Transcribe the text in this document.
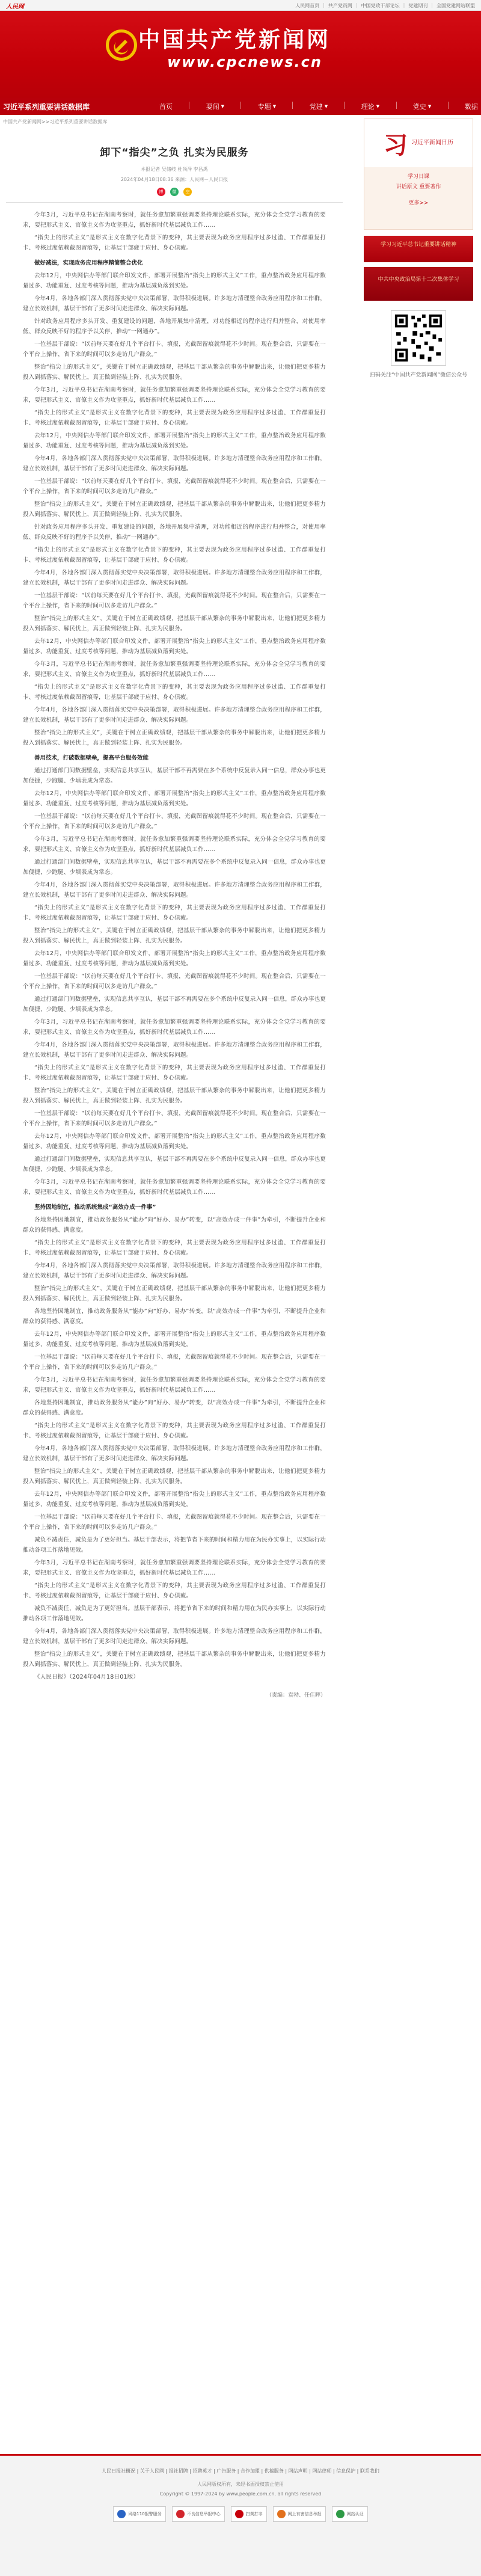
人民网	人民网首页 | 共产党员网 | 中国党政干部论坛 | 党建期刊 | 全国党建网站联盟
中国共产党新闻网
www.cpcnews.cn
习近平系列重要讲话数据库	首页	要闻 ▼	专题 ▼	党建 ▼	理论 ▼	党史 ▼	数据
中国共产党新闻网>>习近平系列重要讲话数据库
卸下“指尖”之负 扎实为民服务
本报记者 吴储岐 杜尚泽 李昌禹
2024年04月18日08:36 来源：人民网－人民日报
博	微	空

今年3月，习近平总书记在湖南考察时，就任务愈加繁重强调要坚持理论联系实际，充分体会全党学习教育的要求，要把形式主义、官僚主义作为攻坚重点，抓好新时代基层减负工作……

“指尖上的形式主义”是形式主义在数字化背景下的变种，其主要表现为政务应用程序过多过滥、工作群重复打卡、考核过度依赖截图留痕等，让基层干部疲于应付、身心俱疲。

做好减法，实现政务应用程序精简整合优化

去年12月，中央网信办等部门联合印发文件，部署开展整治“指尖上的形式主义”工作，重点整治政务应用程序数量过多、功能重复、过度考核等问题，推动为基层减负落到实处。

今年4月，各地各部门深入贯彻落实党中央决策部署，取得积极进展。许多地方清理整合政务应用程序和工作群，建立长效机制，基层干部有了更多时间走进群众、解决实际问题。

针对政务应用程序多头开发、重复建设的问题，各地开展集中清理，对功能相近的程序进行归并整合，对使用率低、群众反映不好的程序予以关停，推动“一网通办”。

一位基层干部说：“以前每天要在好几个平台打卡、填报，光截图留痕就得花不少时间。现在整合后，只需要在一个平台上操作，省下来的时间可以多走访几户群众。”

整治“指尖上的形式主义”，关键在于树立正确政绩观，把基层干部从繁杂的事务中解脱出来，让他们把更多精力投入到抓落实、解民忧上，真正做到轻装上阵、扎实为民服务。

今年3月，习近平总书记在湖南考察时，就任务愈加繁重强调要坚持理论联系实际，充分体会全党学习教育的要求，要把形式主义、官僚主义作为攻坚重点，抓好新时代基层减负工作……

“指尖上的形式主义”是形式主义在数字化背景下的变种，其主要表现为政务应用程序过多过滥、工作群重复打卡、考核过度依赖截图留痕等，让基层干部疲于应付、身心俱疲。

去年12月，中央网信办等部门联合印发文件，部署开展整治“指尖上的形式主义”工作，重点整治政务应用程序数量过多、功能重复、过度考核等问题，推动为基层减负落到实处。

今年4月，各地各部门深入贯彻落实党中央决策部署，取得积极进展。许多地方清理整合政务应用程序和工作群，建立长效机制，基层干部有了更多时间走进群众、解决实际问题。

一位基层干部说：“以前每天要在好几个平台打卡、填报，光截图留痕就得花不少时间。现在整合后，只需要在一个平台上操作，省下来的时间可以多走访几户群众。”

整治“指尖上的形式主义”，关键在于树立正确政绩观，把基层干部从繁杂的事务中解脱出来，让他们把更多精力投入到抓落实、解民忧上，真正做到轻装上阵、扎实为民服务。

针对政务应用程序多头开发、重复建设的问题，各地开展集中清理，对功能相近的程序进行归并整合，对使用率低、群众反映不好的程序予以关停，推动“一网通办”。

“指尖上的形式主义”是形式主义在数字化背景下的变种，其主要表现为政务应用程序过多过滥、工作群重复打卡、考核过度依赖截图留痕等，让基层干部疲于应付、身心俱疲。

今年4月，各地各部门深入贯彻落实党中央决策部署，取得积极进展。许多地方清理整合政务应用程序和工作群，建立长效机制，基层干部有了更多时间走进群众、解决实际问题。

一位基层干部说：“以前每天要在好几个平台打卡、填报，光截图留痕就得花不少时间。现在整合后，只需要在一个平台上操作，省下来的时间可以多走访几户群众。”

整治“指尖上的形式主义”，关键在于树立正确政绩观，把基层干部从繁杂的事务中解脱出来，让他们把更多精力投入到抓落实、解民忧上，真正做到轻装上阵、扎实为民服务。

去年12月，中央网信办等部门联合印发文件，部署开展整治“指尖上的形式主义”工作，重点整治政务应用程序数量过多、功能重复、过度考核等问题，推动为基层减负落到实处。

今年3月，习近平总书记在湖南考察时，就任务愈加繁重强调要坚持理论联系实际，充分体会全党学习教育的要求，要把形式主义、官僚主义作为攻坚重点，抓好新时代基层减负工作……

“指尖上的形式主义”是形式主义在数字化背景下的变种，其主要表现为政务应用程序过多过滥、工作群重复打卡、考核过度依赖截图留痕等，让基层干部疲于应付、身心俱疲。

今年4月，各地各部门深入贯彻落实党中央决策部署，取得积极进展。许多地方清理整合政务应用程序和工作群，建立长效机制，基层干部有了更多时间走进群众、解决实际问题。

整治“指尖上的形式主义”，关键在于树立正确政绩观，把基层干部从繁杂的事务中解脱出来，让他们把更多精力投入到抓落实、解民忧上，真正做到轻装上阵、扎实为民服务。

善用技术，打破数据壁垒，提高平台服务效能

通过打通部门间数据壁垒，实现信息共享互认，基层干部不再需要在多个系统中反复录入同一信息，群众办事也更加便捷，少跑腿、少填表成为常态。

去年12月，中央网信办等部门联合印发文件，部署开展整治“指尖上的形式主义”工作，重点整治政务应用程序数量过多、功能重复、过度考核等问题，推动为基层减负落到实处。

一位基层干部说：“以前每天要在好几个平台打卡、填报，光截图留痕就得花不少时间。现在整合后，只需要在一个平台上操作，省下来的时间可以多走访几户群众。”

今年3月，习近平总书记在湖南考察时，就任务愈加繁重强调要坚持理论联系实际，充分体会全党学习教育的要求，要把形式主义、官僚主义作为攻坚重点，抓好新时代基层减负工作……

通过打通部门间数据壁垒，实现信息共享互认，基层干部不再需要在多个系统中反复录入同一信息，群众办事也更加便捷，少跑腿、少填表成为常态。

今年4月，各地各部门深入贯彻落实党中央决策部署，取得积极进展。许多地方清理整合政务应用程序和工作群，建立长效机制，基层干部有了更多时间走进群众、解决实际问题。

“指尖上的形式主义”是形式主义在数字化背景下的变种，其主要表现为政务应用程序过多过滥、工作群重复打卡、考核过度依赖截图留痕等，让基层干部疲于应付、身心俱疲。

整治“指尖上的形式主义”，关键在于树立正确政绩观，把基层干部从繁杂的事务中解脱出来，让他们把更多精力投入到抓落实、解民忧上，真正做到轻装上阵、扎实为民服务。

去年12月，中央网信办等部门联合印发文件，部署开展整治“指尖上的形式主义”工作，重点整治政务应用程序数量过多、功能重复、过度考核等问题，推动为基层减负落到实处。

一位基层干部说：“以前每天要在好几个平台打卡、填报，光截图留痕就得花不少时间。现在整合后，只需要在一个平台上操作，省下来的时间可以多走访几户群众。”

通过打通部门间数据壁垒，实现信息共享互认，基层干部不再需要在多个系统中反复录入同一信息，群众办事也更加便捷，少跑腿、少填表成为常态。

今年3月，习近平总书记在湖南考察时，就任务愈加繁重强调要坚持理论联系实际，充分体会全党学习教育的要求，要把形式主义、官僚主义作为攻坚重点，抓好新时代基层减负工作……

今年4月，各地各部门深入贯彻落实党中央决策部署，取得积极进展。许多地方清理整合政务应用程序和工作群，建立长效机制，基层干部有了更多时间走进群众、解决实际问题。

“指尖上的形式主义”是形式主义在数字化背景下的变种，其主要表现为政务应用程序过多过滥、工作群重复打卡、考核过度依赖截图留痕等，让基层干部疲于应付、身心俱疲。

整治“指尖上的形式主义”，关键在于树立正确政绩观，把基层干部从繁杂的事务中解脱出来，让他们把更多精力投入到抓落实、解民忧上，真正做到轻装上阵、扎实为民服务。

一位基层干部说：“以前每天要在好几个平台打卡、填报，光截图留痕就得花不少时间。现在整合后，只需要在一个平台上操作，省下来的时间可以多走访几户群众。”

去年12月，中央网信办等部门联合印发文件，部署开展整治“指尖上的形式主义”工作，重点整治政务应用程序数量过多、功能重复、过度考核等问题，推动为基层减负落到实处。

通过打通部门间数据壁垒，实现信息共享互认，基层干部不再需要在多个系统中反复录入同一信息，群众办事也更加便捷，少跑腿、少填表成为常态。

今年3月，习近平总书记在湖南考察时，就任务愈加繁重强调要坚持理论联系实际，充分体会全党学习教育的要求，要把形式主义、官僚主义作为攻坚重点，抓好新时代基层减负工作……

坚持因地制宜，推动系统集成“高效办成一件事”

各地坚持因地制宜，推动政务服务从“能办”向“好办、易办”转变，以“高效办成一件事”为牵引，不断提升企业和群众的获得感、满意度。

“指尖上的形式主义”是形式主义在数字化背景下的变种，其主要表现为政务应用程序过多过滥、工作群重复打卡、考核过度依赖截图留痕等，让基层干部疲于应付、身心俱疲。

今年4月，各地各部门深入贯彻落实党中央决策部署，取得积极进展。许多地方清理整合政务应用程序和工作群，建立长效机制，基层干部有了更多时间走进群众、解决实际问题。

整治“指尖上的形式主义”，关键在于树立正确政绩观，把基层干部从繁杂的事务中解脱出来，让他们把更多精力投入到抓落实、解民忧上，真正做到轻装上阵、扎实为民服务。

各地坚持因地制宜，推动政务服务从“能办”向“好办、易办”转变，以“高效办成一件事”为牵引，不断提升企业和群众的获得感、满意度。

去年12月，中央网信办等部门联合印发文件，部署开展整治“指尖上的形式主义”工作，重点整治政务应用程序数量过多、功能重复、过度考核等问题，推动为基层减负落到实处。

一位基层干部说：“以前每天要在好几个平台打卡、填报，光截图留痕就得花不少时间。现在整合后，只需要在一个平台上操作，省下来的时间可以多走访几户群众。”

今年3月，习近平总书记在湖南考察时，就任务愈加繁重强调要坚持理论联系实际，充分体会全党学习教育的要求，要把形式主义、官僚主义作为攻坚重点，抓好新时代基层减负工作……

各地坚持因地制宜，推动政务服务从“能办”向“好办、易办”转变，以“高效办成一件事”为牵引，不断提升企业和群众的获得感、满意度。

“指尖上的形式主义”是形式主义在数字化背景下的变种，其主要表现为政务应用程序过多过滥、工作群重复打卡、考核过度依赖截图留痕等，让基层干部疲于应付、身心俱疲。

今年4月，各地各部门深入贯彻落实党中央决策部署，取得积极进展。许多地方清理整合政务应用程序和工作群，建立长效机制，基层干部有了更多时间走进群众、解决实际问题。

整治“指尖上的形式主义”，关键在于树立正确政绩观，把基层干部从繁杂的事务中解脱出来，让他们把更多精力投入到抓落实、解民忧上，真正做到轻装上阵、扎实为民服务。

去年12月，中央网信办等部门联合印发文件，部署开展整治“指尖上的形式主义”工作，重点整治政务应用程序数量过多、功能重复、过度考核等问题，推动为基层减负落到实处。

一位基层干部说：“以前每天要在好几个平台打卡、填报，光截图留痕就得花不少时间。现在整合后，只需要在一个平台上操作，省下来的时间可以多走访几户群众。”

减负不减责任，减负是为了更好担当。基层干部表示，将把节省下来的时间和精力用在为民办实事上，以实际行动推动各项工作落地见效。

今年3月，习近平总书记在湖南考察时，就任务愈加繁重强调要坚持理论联系实际，充分体会全党学习教育的要求，要把形式主义、官僚主义作为攻坚重点，抓好新时代基层减负工作……

“指尖上的形式主义”是形式主义在数字化背景下的变种，其主要表现为政务应用程序过多过滥、工作群重复打卡、考核过度依赖截图留痕等，让基层干部疲于应付、身心俱疲。

减负不减责任，减负是为了更好担当。基层干部表示，将把节省下来的时间和精力用在为民办实事上，以实际行动推动各项工作落地见效。

今年4月，各地各部门深入贯彻落实党中央决策部署，取得积极进展。许多地方清理整合政务应用程序和工作群，建立长效机制，基层干部有了更多时间走进群众、解决实际问题。

整治“指尖上的形式主义”，关键在于树立正确政绩观，把基层干部从繁杂的事务中解脱出来，让他们把更多精力投入到抓落实、解民忧上，真正做到轻装上阵、扎实为民服务。

《人民日报》（2024年04月18日01版）

（责编：袁勃、任佳晖）
习 习近平新闻日历
学习日课
讲话原文 重要著作
更多>>
学习习近平总书记重要讲话精神
中共中央政治局第十二次集体学习
扫码关注“中国共产党新闻网”微信公众号
人民日报社概况 | 关于人民网 | 报社招聘 | 招聘英才 | 广告服务 | 合作加盟 | 供稿服务 | 网站声明 | 网站律师 | 信息保护 | 联系我们
人民网版权所有，未经书面授权禁止使用
Copyright © 1997-2024 by www.people.com.cn. all rights reserved
网络110报警服务	不良信息举报中心	扫黄打非	网上有害信息举报	网站认证
